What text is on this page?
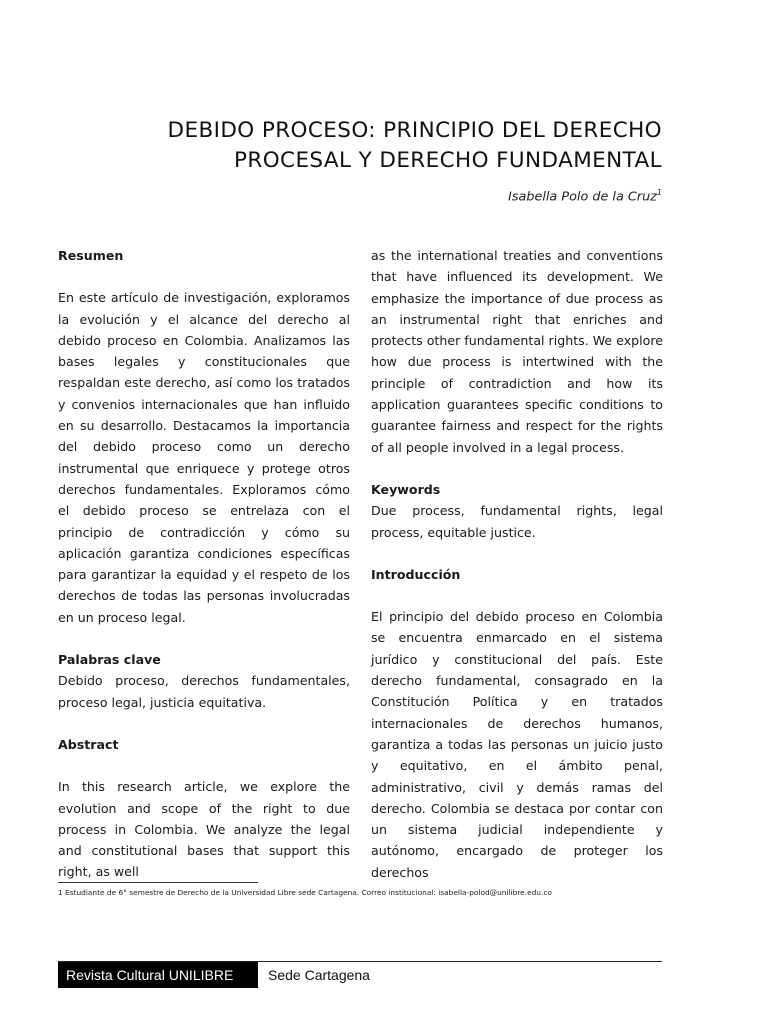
DEBIDO PROCESO: PRINCIPIO DEL DERECHO
PROCESAL Y DERECHO FUNDAMENTAL
Isabella Polo de la Cruz$^1$
Resumen

En este artículo de investigación, exploramos la evolución y el alcance del derecho al debido proceso en Colombia. Analizamos las bases legales y constitucionales que respaldan este derecho, así como los tratados y convenios internacionales que han influido en su desarrollo. Destacamos la importancia del debido proceso como un derecho instrumental que enriquece y protege otros derechos fundamentales. Exploramos cómo el debido proceso se entrelaza con el principio de contradicción y cómo su aplicación garantiza condiciones específicas para garantizar la equidad y el respeto de los derechos de todas las personas involucradas en un proceso legal.

Palabras clave

Debido proceso, derechos fundamentales, proceso legal, justicia equitativa.

Abstract

In this research article, we explore the evolution and scope of the right to due process in Colombia. We analyze the legal and constitutional bases that support this right, as well

as the international treaties and conventions that have influenced its development. We emphasize the importance of due process as an instrumental right that enriches and protects other fundamental rights. We explore how due process is intertwined with the principle of contradiction and how its application guarantees specific conditions to guarantee fairness and respect for the rights of all people involved in a legal process.

Keywords

Due process, fundamental rights, legal process, equitable justice.

Introducción

El principio del debido proceso en Colombia se encuentra enmarcado en el sistema jurídico y constitucional del país. Este derecho fundamental, consagrado en la Constitución Política y en tratados internacionales de derechos humanos, garantiza a todas las personas un juicio justo y equitativo, en el ámbito penal, administrativo, civil y demás ramas del derecho. Colombia se destaca por contar con un sistema judicial independiente y autónomo, encargado de proteger los derechos

1 Estudiante de 6° semestre de Derecho de la Universidad Libre sede Cartagena. Correo institucional: isabella-polod@unilibre.edu.co
Revista Cultural UNILIBRE	Sede Cartagena
